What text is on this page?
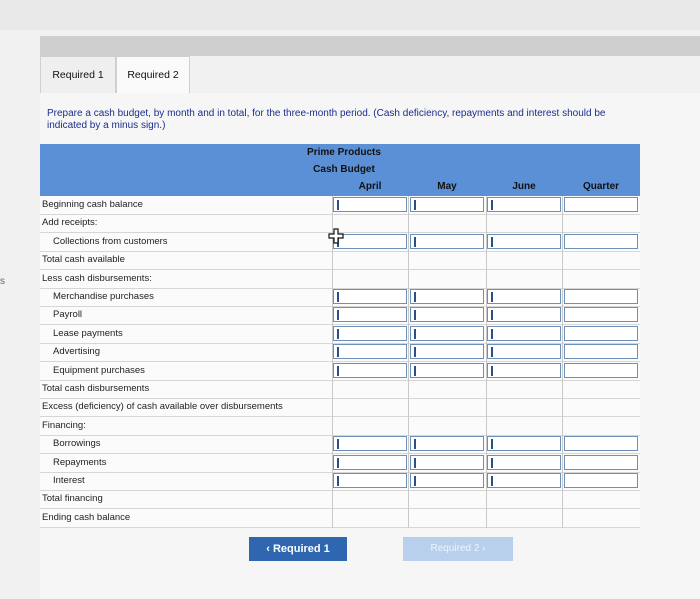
Required 1	Required 2
Prepare a cash budget, by month and in total, for the three-month period. (Cash deficiency, repayments and interest should be
indicated by a minus sign.)
s
Prime Products
Cash Budget
April	May	June	Quarter
Beginning cash balance
Add receipts:
Collections from customers
Total cash available
Less cash disbursements:
Merchandise purchases
Payroll
Lease payments
Advertising
Equipment purchases
Total cash disbursements
Excess (deficiency) of cash available over disbursements
Financing:
Borrowings
Repayments
Interest
Total financing
Ending cash balance
‹ Required 1	Required 2 ›
